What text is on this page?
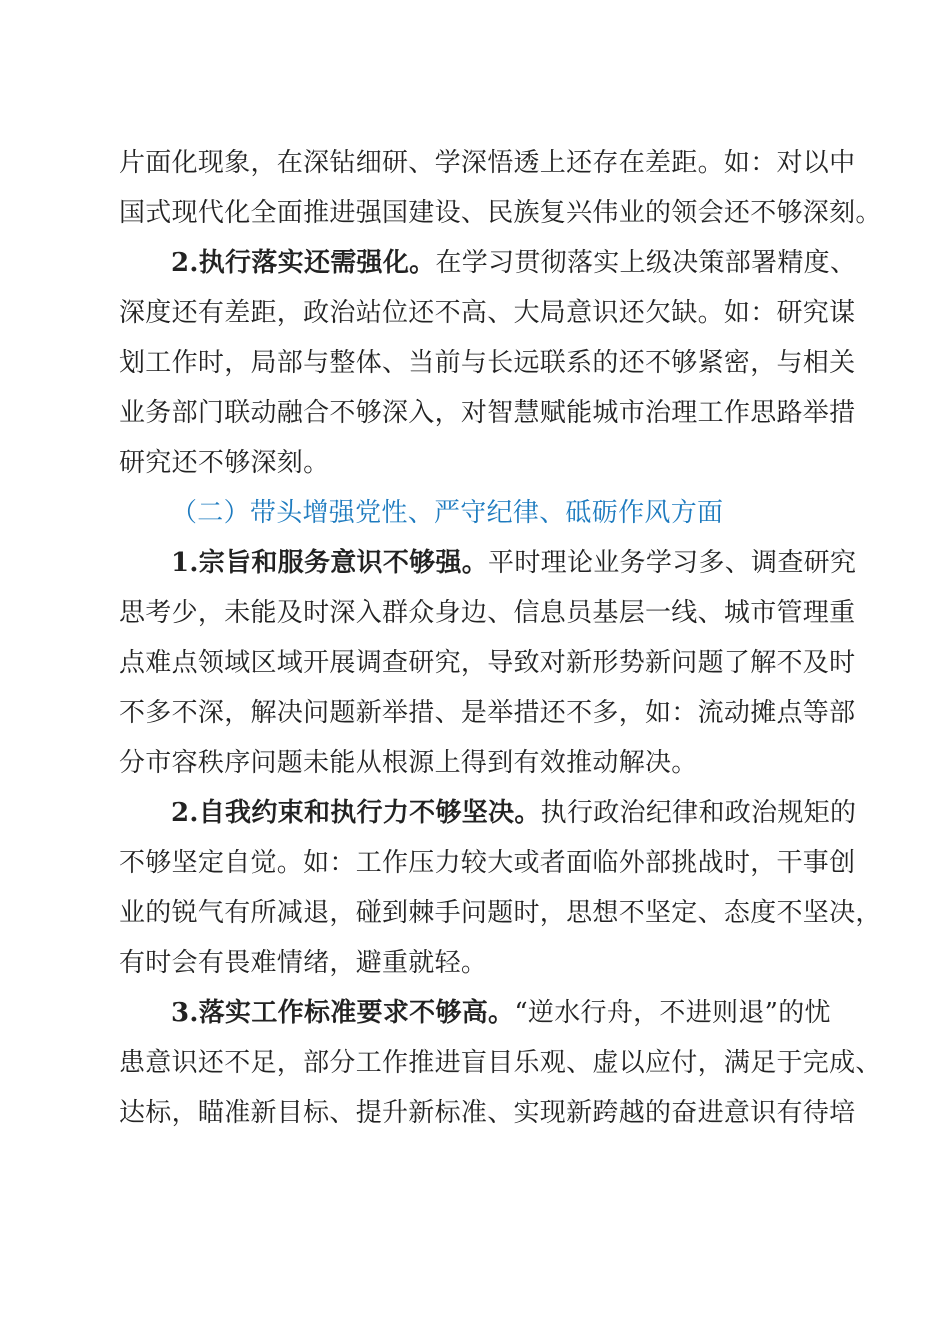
片面化现象，在深钻细研、学深悟透上还存在差距。如：对以中
国式现代化全面推进强国建设、民族复兴伟业的领会还不够深刻。
2.执行落实还需强化。在学习贯彻落实上级决策部署精度、
深度还有差距，政治站位还不高、大局意识还欠缺。如：研究谋
划工作时，局部与整体、当前与长远联系的还不够紧密，与相关
业务部门联动融合不够深入，对智慧赋能城市治理工作思路举措
研究还不够深刻。
（二）带头增强党性、严守纪律、砥砺作风方面
1.宗旨和服务意识不够强。平时理论业务学习多、调查研究
思考少，未能及时深入群众身边、信息员基层一线、城市管理重
点难点领域区域开展调查研究，导致对新形势新问题了解不及时
不多不深，解决问题新举措、是举措还不多，如：流动摊点等部
分市容秩序问题未能从根源上得到有效推动解决。
2.自我约束和执行力不够坚决。执行政治纪律和政治规矩的
不够坚定自觉。如：工作压力较大或者面临外部挑战时，干事创
业的锐气有所减退，碰到棘手问题时，思想不坚定、态度不坚决，
有时会有畏难情绪，避重就轻。
3.落实工作标准要求不够高。“逆水行舟，不进则退”的忧
患意识还不足，部分工作推进盲目乐观、虚以应付，满足于完成、
达标，瞄准新目标、提升新标准、实现新跨越的奋进意识有待培
